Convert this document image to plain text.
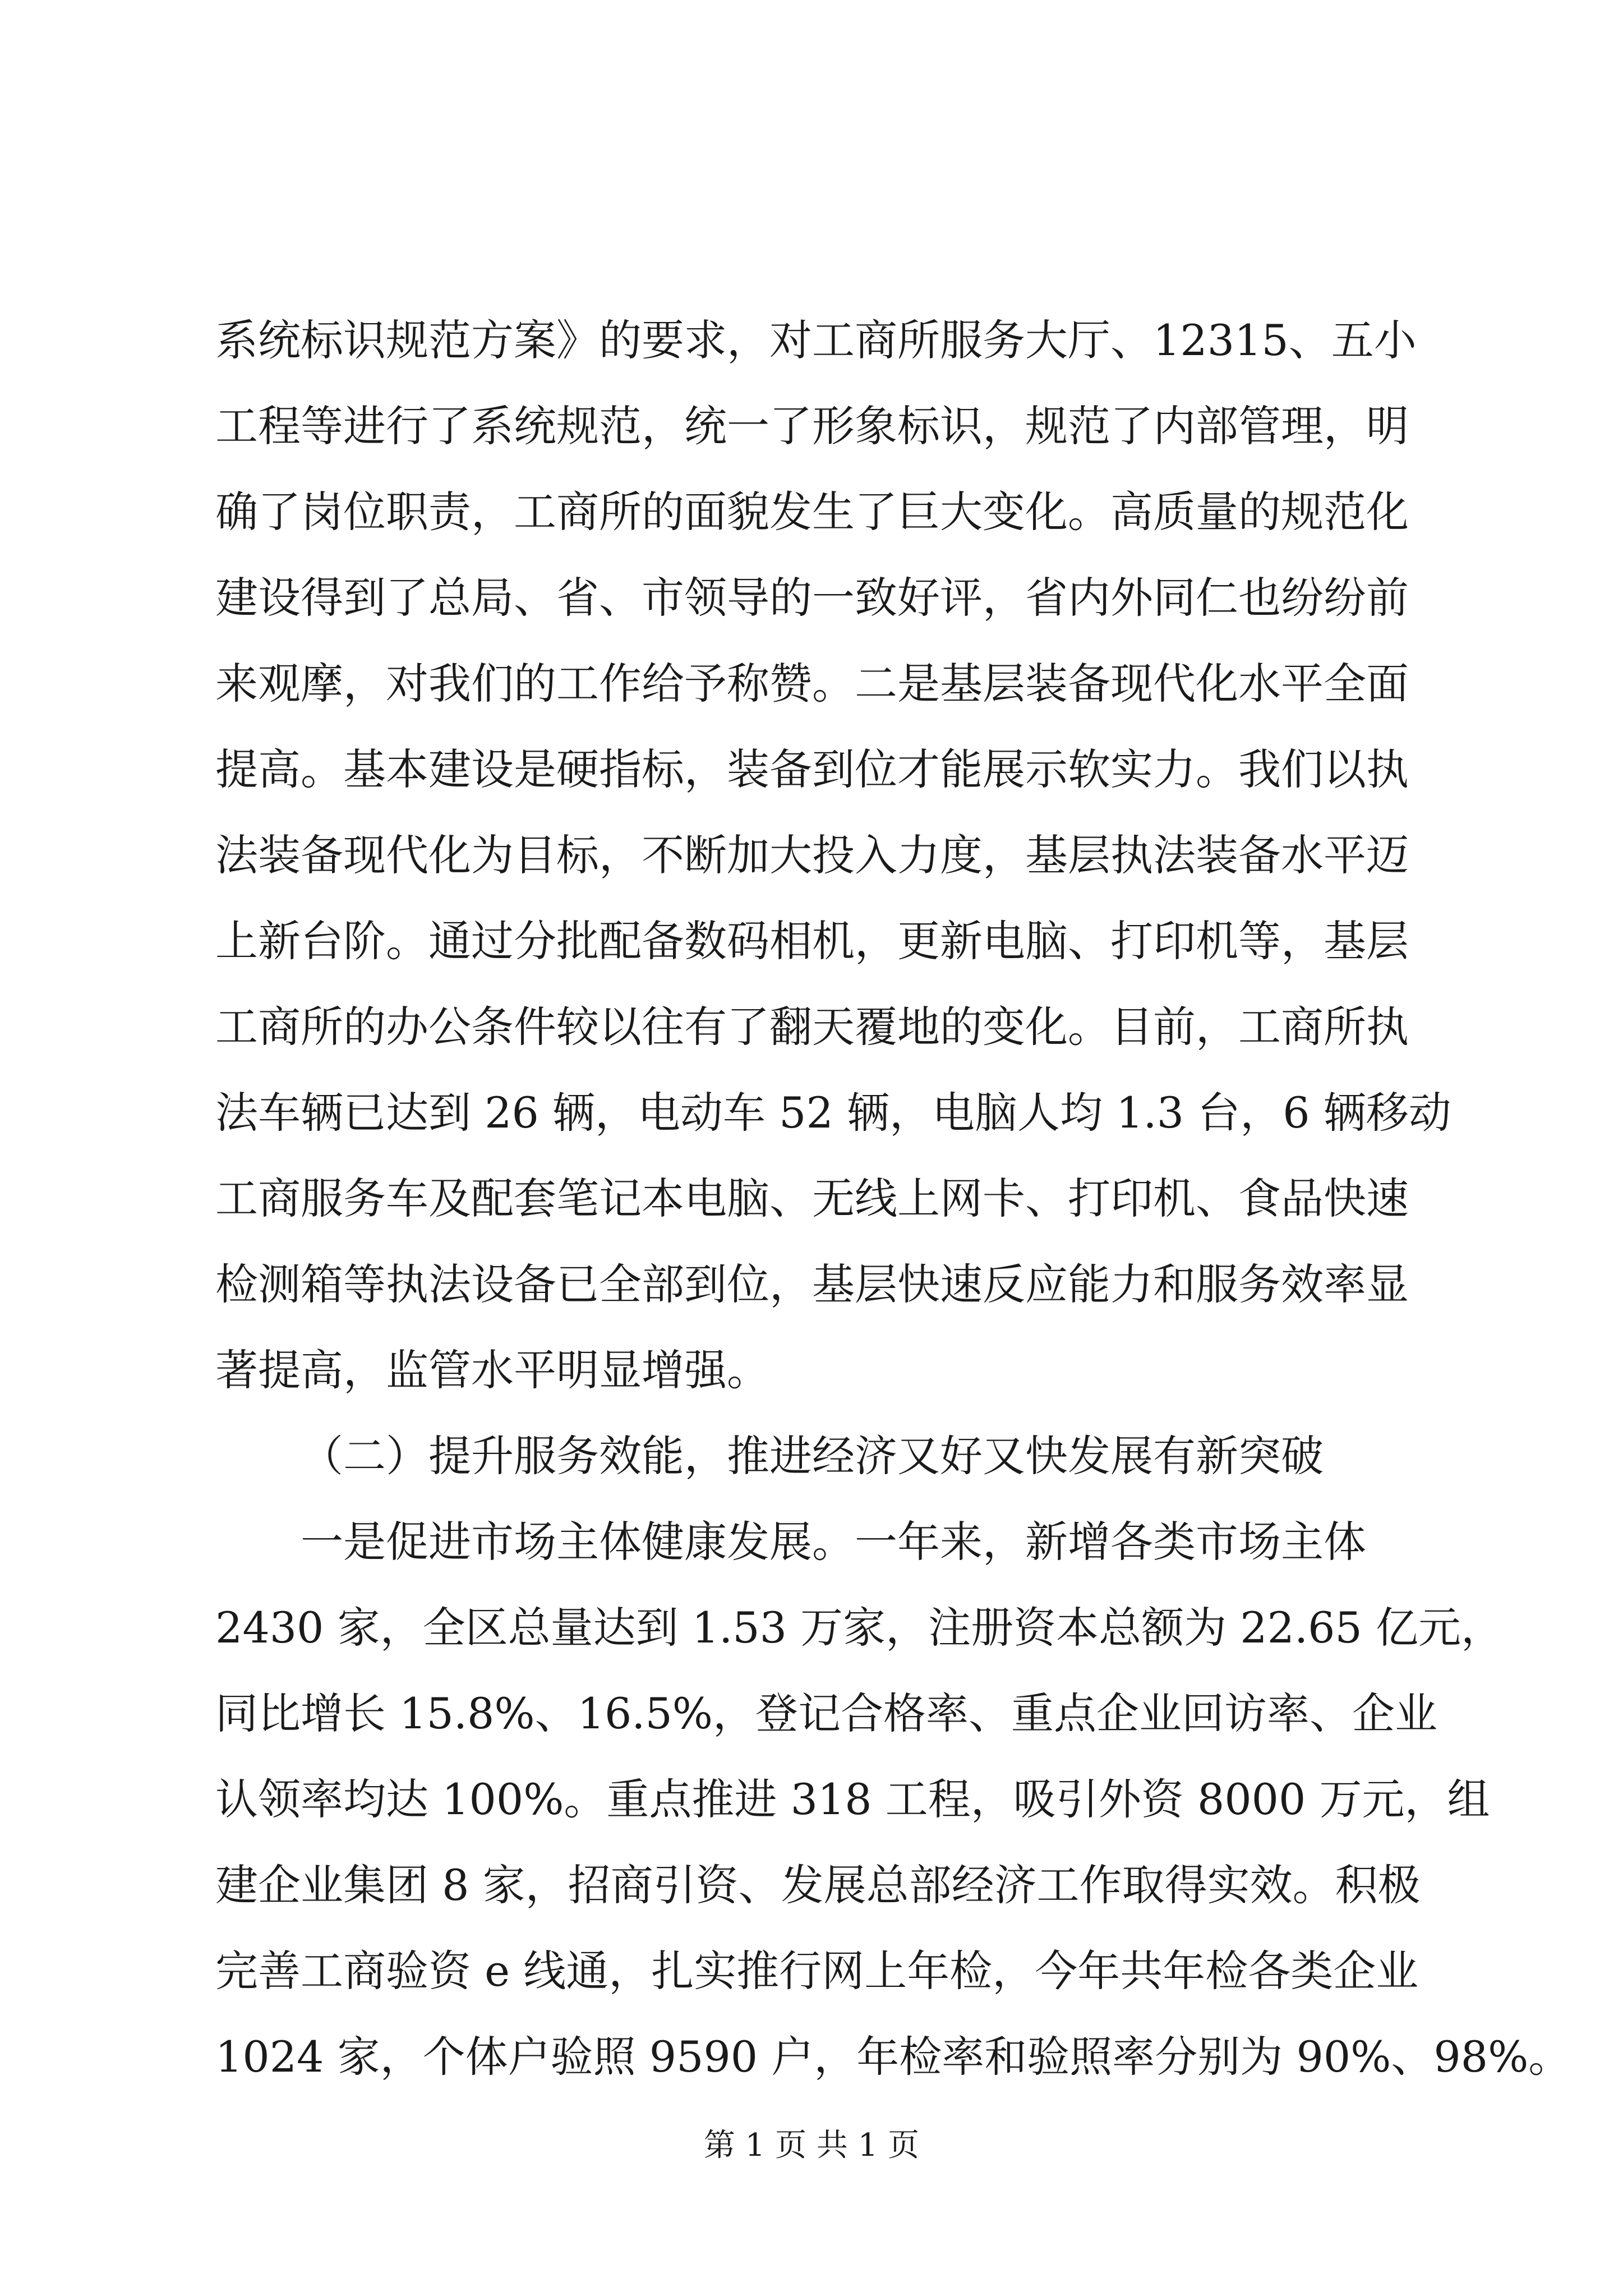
系统标识规范方案》的要求，对工商所服务大厅、12315、五小
工程等进行了系统规范，统一了形象标识，规范了内部管理，明
确了岗位职责，工商所的面貌发生了巨大变化。高质量的规范化
建设得到了总局、省、市领导的一致好评，省内外同仁也纷纷前
来观摩，对我们的工作给予称赞。二是基层装备现代化水平全面
提高。基本建设是硬指标，装备到位才能展示软实力。我们以执
法装备现代化为目标，不断加大投入力度，基层执法装备水平迈
上新台阶。通过分批配备数码相机，更新电脑、打印机等，基层
工商所的办公条件较以往有了翻天覆地的变化。目前，工商所执
法车辆已达到 26 辆，电动车 52 辆，电脑人均 1.3 台，6 辆移动
工商服务车及配套笔记本电脑、无线上网卡、打印机、食品快速
检测箱等执法设备已全部到位，基层快速反应能力和服务效率显
著提高，监管水平明显增强。
（二）提升服务效能，推进经济又好又快发展有新突破
一是促进市场主体健康发展。一年来，新增各类市场主体
2430 家，全区总量达到 1.53 万家，注册资本总额为 22.65 亿元，
同比增长 15.8%、16.5%，登记合格率、重点企业回访率、企业
认领率均达 100%。重点推进 318 工程，吸引外资 8000 万元，组
建企业集团 8 家，招商引资、发展总部经济工作取得实效。积极
完善工商验资 e 线通，扎实推行网上年检，今年共年检各类企业
1024 家，个体户验照 9590 户，年检率和验照率分别为 90%、98%。
第 1 页 共 1 页
